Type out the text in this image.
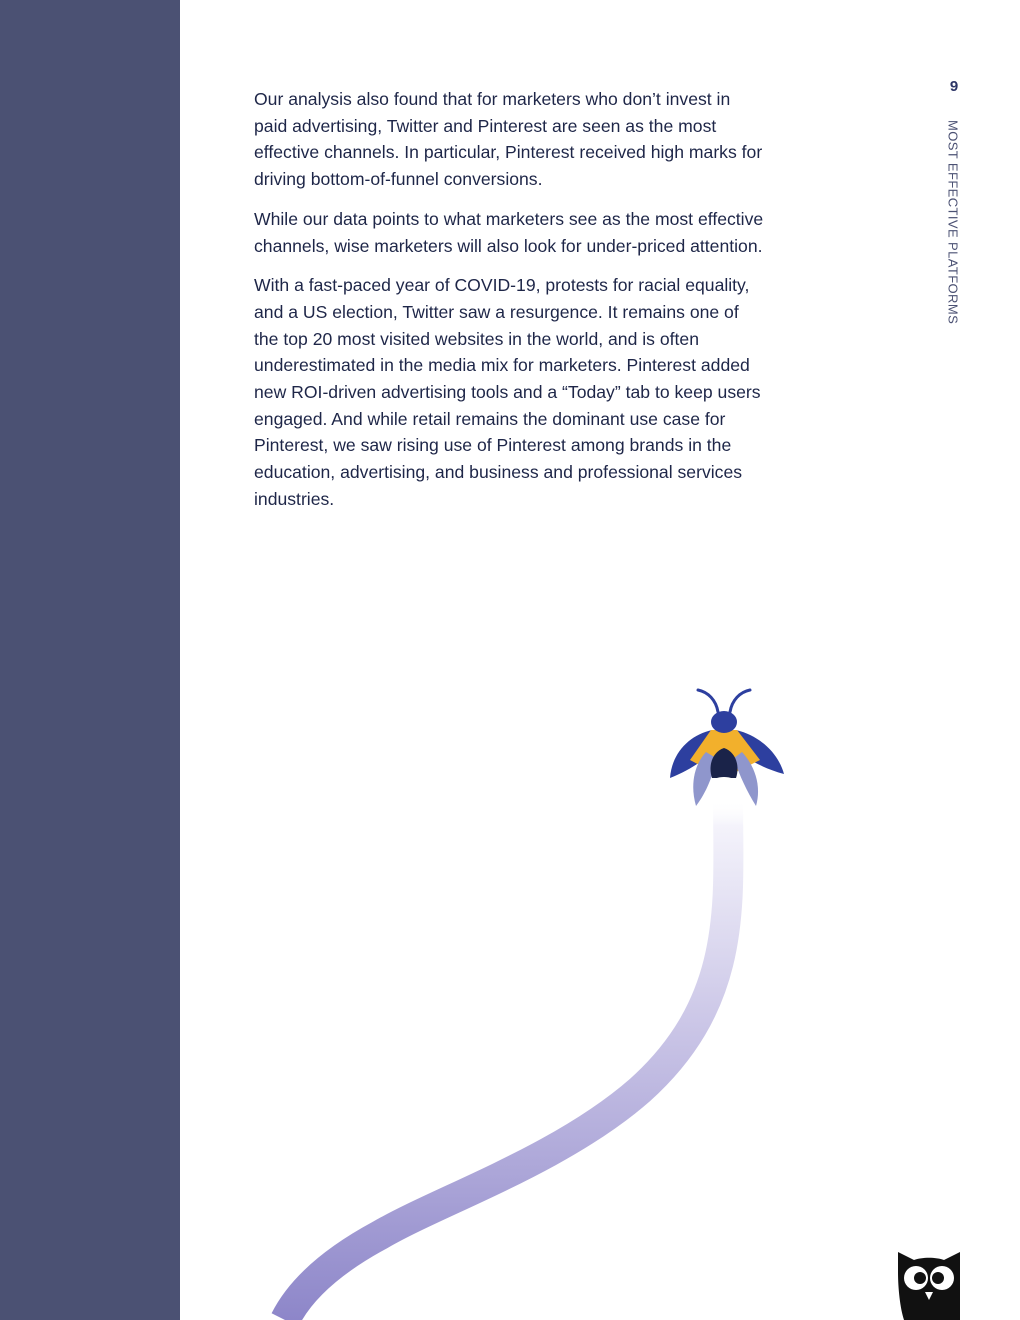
9
MOST EFFECTIVE PLATFORMS

Our analysis also found that for marketers who don’t invest in paid advertising, Twitter and Pinterest are seen as the most effective channels. In particular, Pinterest received high marks for driving bottom-of-funnel conversions.

While our data points to what marketers see as the most effective channels, wise marketers will also look for under-priced attention.

With a fast-paced year of COVID-19, protests for racial equality, and a US election, Twitter saw a resurgence. It remains one of the top 20 most visited websites in the world, and is often underestimated in the media mix for marketers. Pinterest added new ROI-driven advertising tools and a “Today” tab to keep users engaged. And while retail remains the dominant use case for Pinterest, we saw rising use of Pinterest among brands in the education, advertising, and business and professional services industries.
